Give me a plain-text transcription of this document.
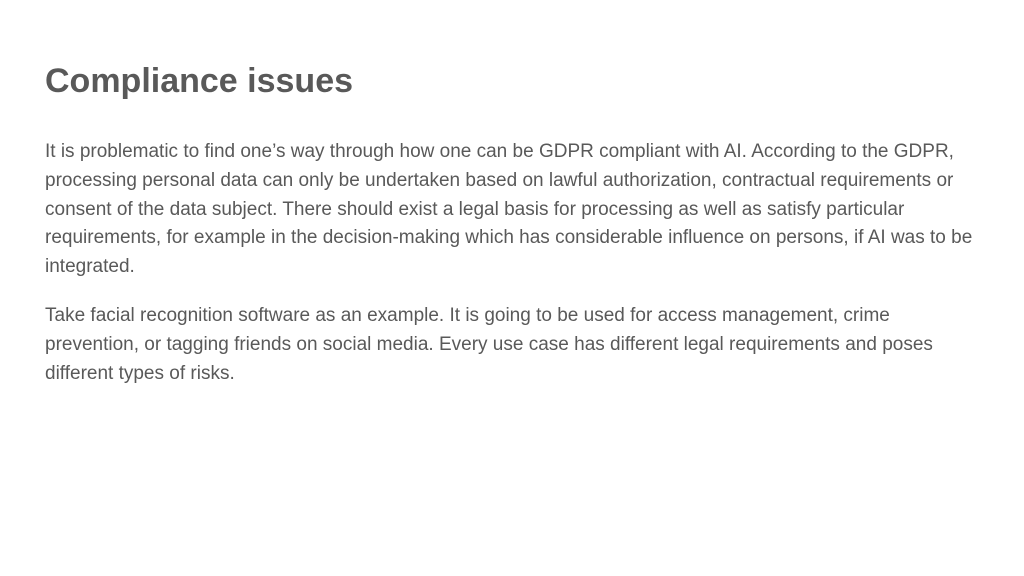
Compliance issues

It is problematic to find one’s way through how one can be GDPR compliant with AI. According to the GDPR, processing personal data can only be undertaken based on lawful authorization, contractual requirements or consent of the data subject. There should exist a legal basis for processing as well as satisfy particular requirements, for example in the decision-making which has considerable influence on persons, if AI was to be integrated.

Take facial recognition software as an example. It is going to be used for access management, crime prevention, or tagging friends on social media. Every use case has different legal requirements and poses different types of risks.
